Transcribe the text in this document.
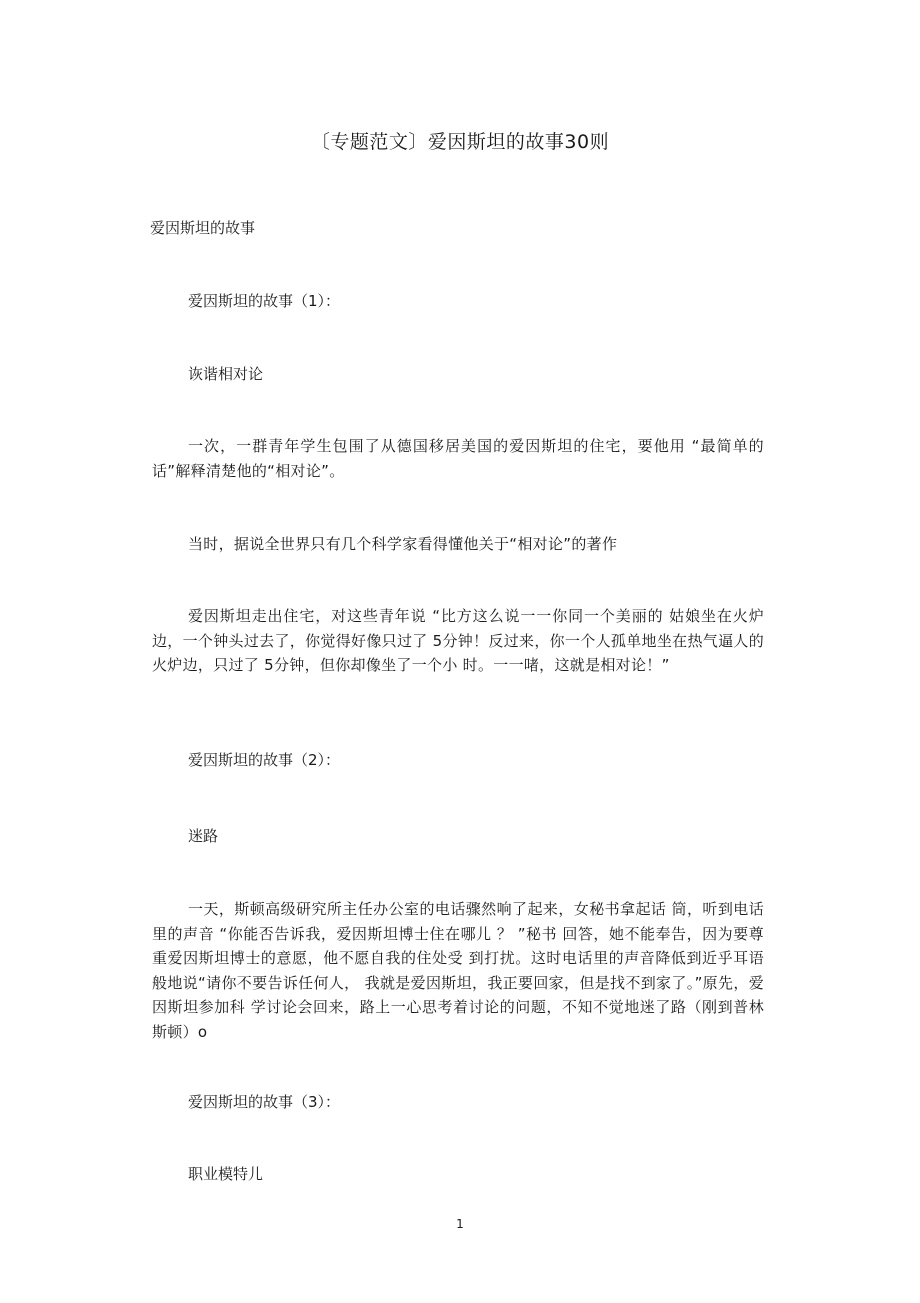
〔专题范文〕爱因斯坦的故事30则
爱因斯坦的故事
爱因斯坦的故事（1）：
诙谐相对论
一次，一群青年学生包围了从德国移居美国的爱因斯坦的住宅，要他用 “最简单的话”解释清楚他的“相对论”。
当时，据说全世界只有几个科学家看得懂他关于“相对论”的著作
爱因斯坦走出住宅，对这些青年说 “比方这么说一一你同一个美丽的 姑娘坐在火炉边，一个钟头过去了，你觉得好像只过了 5分钟！反过来，你一个人孤单地坐在热气逼人的火炉边，只过了 5分钟，但你却像坐了一个小 时。一一啫，这就是相对论！”
爱因斯坦的故事（2）：
迷路
一天，斯顿高级研究所主任办公室的电话骤然响了起来，女秘书拿起话 筒，听到电话里的声音 “你能否告诉我，爱因斯坦博士住在哪儿 ？ ”秘书 回答，她不能奉告，因为要尊重爱因斯坦博士的意愿，他不愿自我的住处受 到打扰。这时电话里的声音降低到近乎耳语般地说“请你不要告诉任何人， 我就是爱因斯坦，我正要回家，但是找不到家了。”原先，爱因斯坦参加科 学讨论会回来，路上一心思考着讨论的问题，不知不觉地迷了路（刚到普林 斯顿）o
爱因斯坦的故事（3）：
职业模特儿
1
